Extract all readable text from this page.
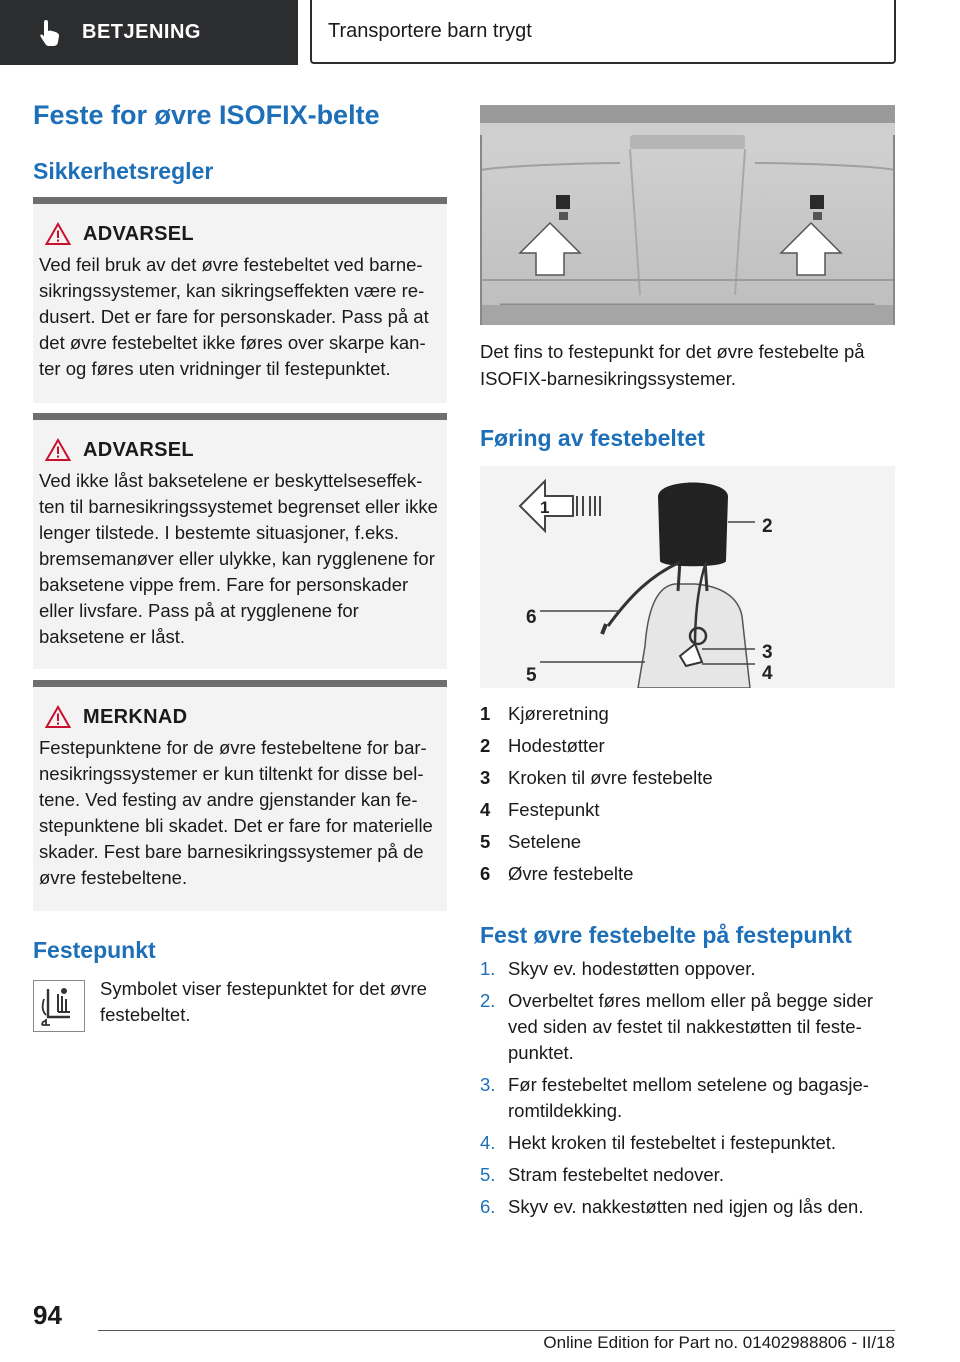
BETJENING	Transportere barn trygt
Feste for øvre ISOFIX-belte
Sikkerhetsregler
ADVARSEL

Ved feil bruk av det øvre festebeltet ved barnesikringssystemer, kan sikringseffekten være redusert. Det er fare for personskader. Pass på at det øvre festebeltet ikke føres over skarpe kanter og føres uten vridninger til festepunktet.

ADVARSEL

Ved ikke låst baksetelene er beskyttelseseffekten til barnesikringssystemet begrenset eller ikke lenger tilstede. I bestemte situasjoner, f.eks. bremsemanøver eller ulykke, kan rygglenene for baksetene vippe frem. Fare for personskader eller livsfare. Pass på at rygglenene for baksetene er låst.

MERKNAD

Festepunktene for de øvre festebeltene for barnesikringssystemer er kun tiltenkt for disse beltene. Ved festing av andre gjenstander kan festepunktene bli skadet. Det er fare for materielle skader. Fest bare barnesikringssystemer på de øvre festebeltene.

Festepunkt

Symbolet viser festepunktet for det øvre festebeltet.

Det fins to festepunkt for det øvre festebelte på ISOFIX-barnesikringssystemer.

Føring av festebeltet
1
2
6
3
5	4
1 Kjøreretning
2 Hodestøtter
3 Kroken til øvre festebelte
4 Festepunkt
5 Setelene
6 Øvre festebelte
Fest øvre festebelte på festepunkt
1. Skyv ev. hodestøtten oppover.
2. Overbeltet føres mellom eller på begge sider ved siden av festet til nakkestøtten til festepunktet.
3. Før festebeltet mellom setelene og bagasjeromtildekking.
4. Hekt kroken til festebeltet i festepunktet.
5. Stram festebeltet nedover.
6. Skyv ev. nakkestøtten ned igjen og lås den.

94

Online Edition for Part no. 01402988806 - II/18
